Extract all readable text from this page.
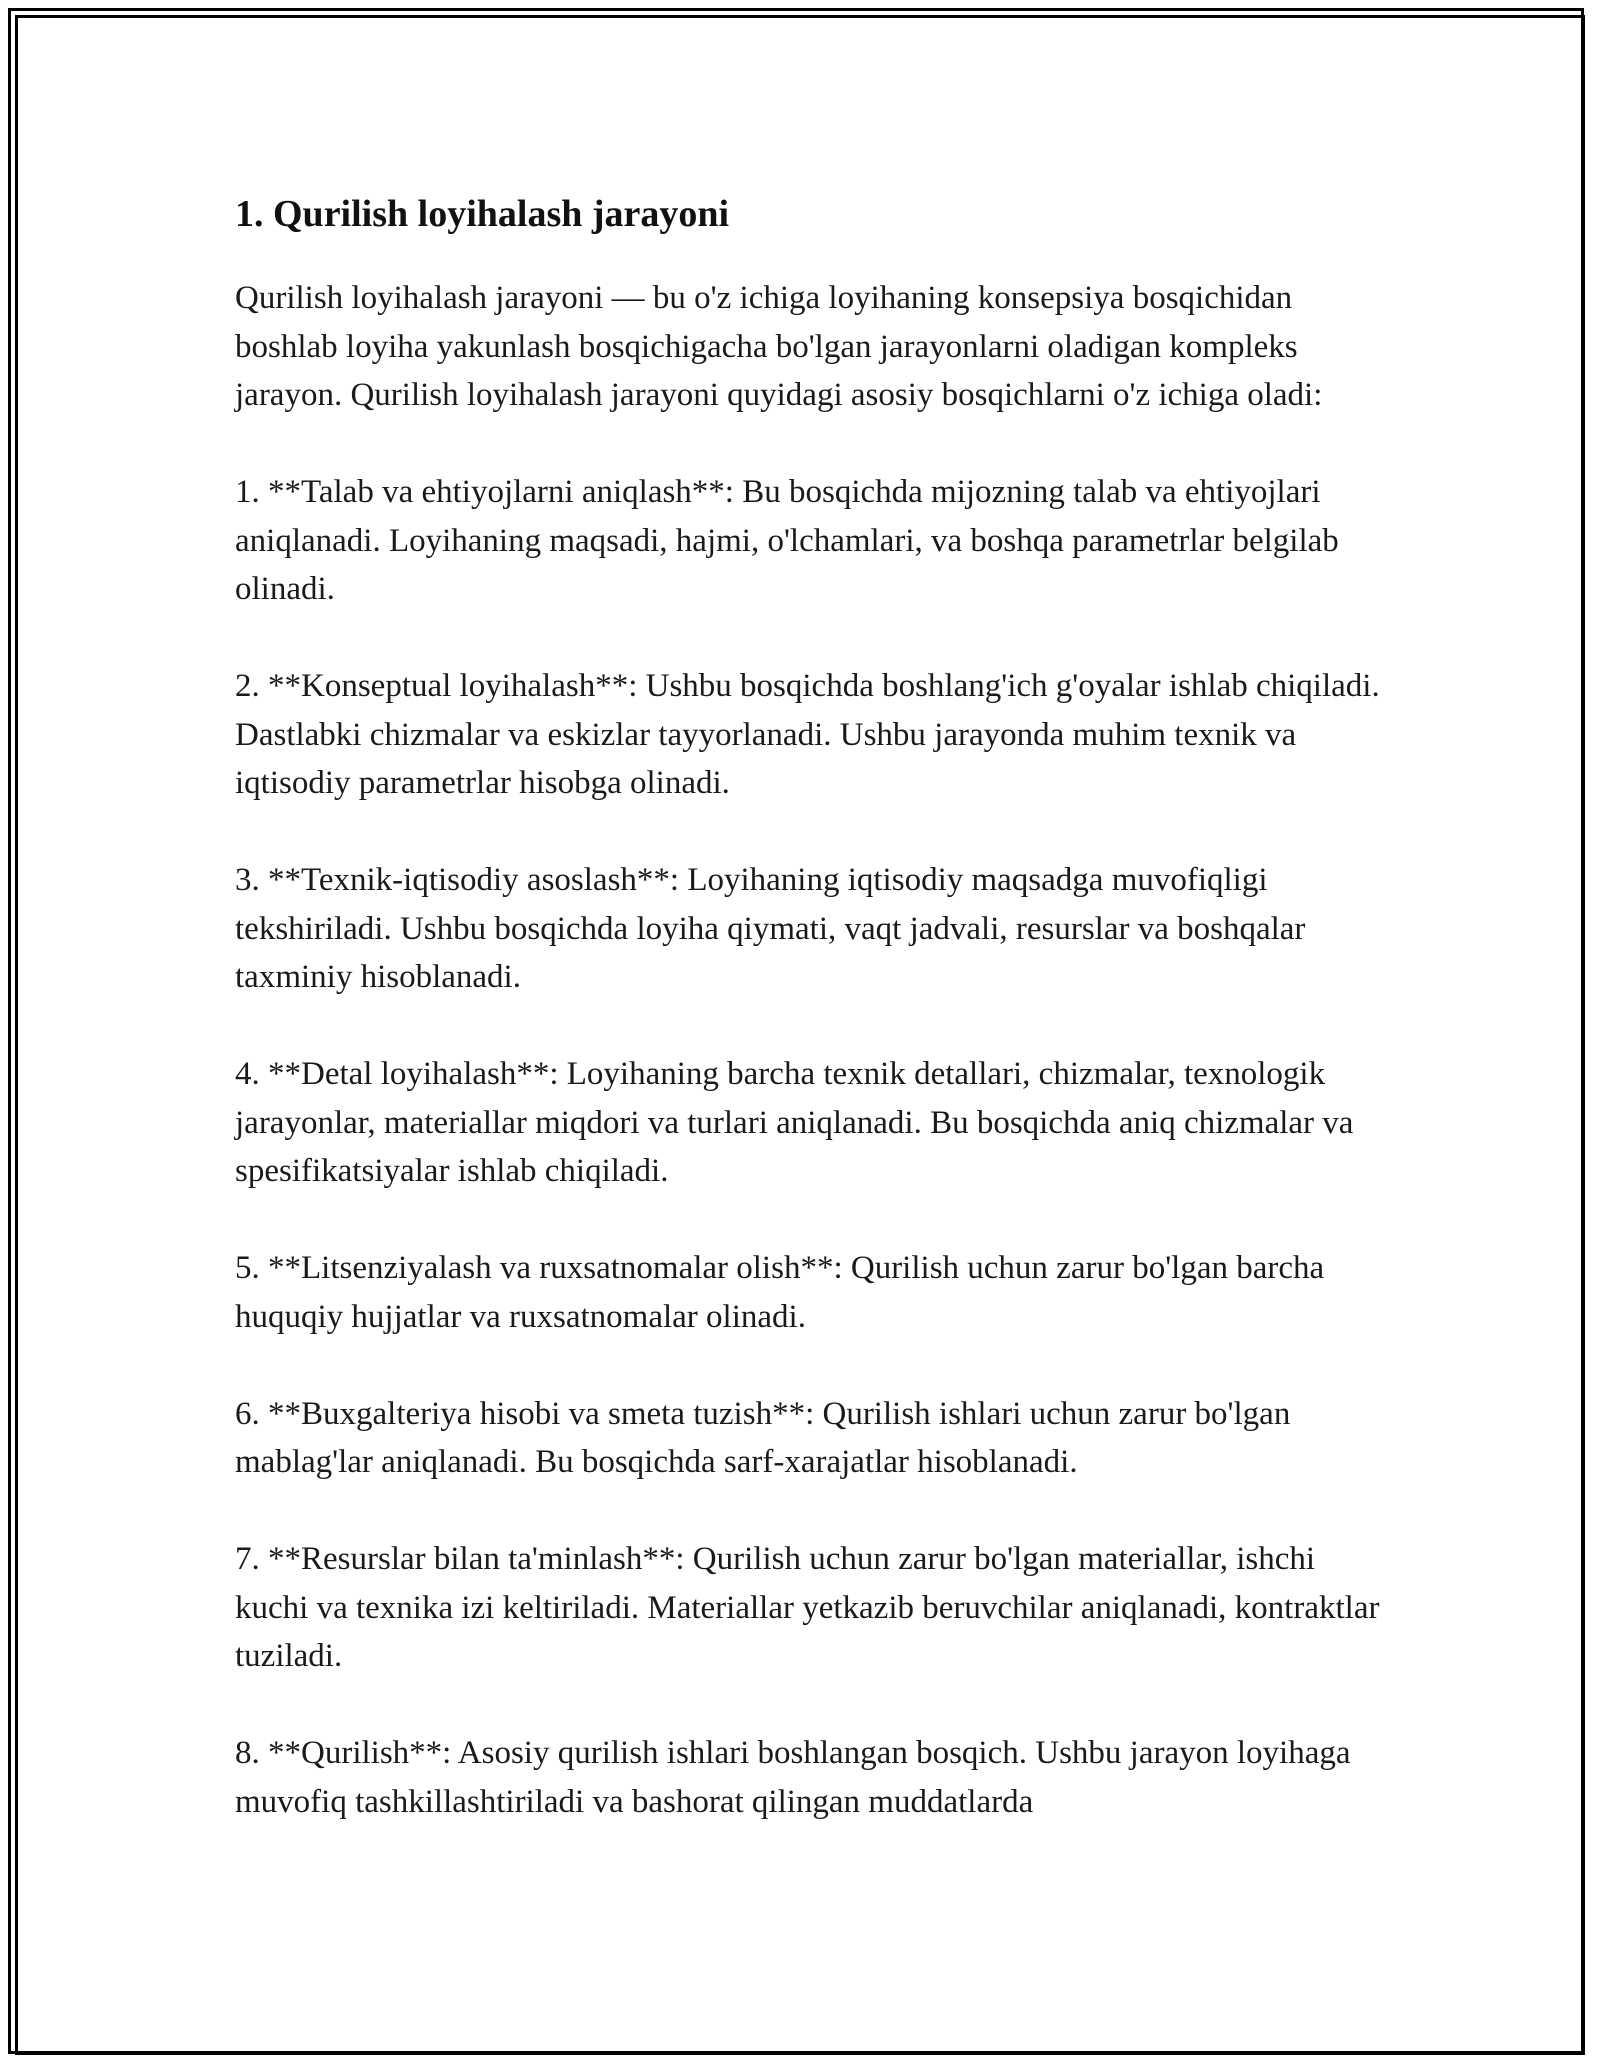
1. Qurilish loyihalash jarayoni

Qurilish loyihalash jarayoni — bu o'z ichiga loyihaning konsepsiya bosqichidan boshlab loyiha yakunlash bosqichigacha bo'lgan jarayonlarni oladigan kompleks jarayon. Qurilish loyihalash jarayoni quyidagi asosiy bosqichlarni o'z ichiga oladi:

1. **Talab va ehtiyojlarni aniqlash**: Bu bosqichda mijozning talab va ehtiyojlari aniqlanadi. Loyihaning maqsadi, hajmi, o'lchamlari, va boshqa parametrlar belgilab olinadi.

2. **Konseptual loyihalash**: Ushbu bosqichda boshlang'ich g'oyalar ishlab chiqiladi. Dastlabki chizmalar va eskizlar tayyorlanadi. Ushbu jarayonda muhim texnik va iqtisodiy parametrlar hisobga olinadi.

3. **Texnik-iqtisodiy asoslash**: Loyihaning iqtisodiy maqsadga muvofiqligi tekshiriladi. Ushbu bosqichda loyiha qiymati, vaqt jadvali, resurslar va boshqalar taxminiy hisoblanadi.

4. **Detal loyihalash**: Loyihaning barcha texnik detallari, chizmalar, texnologik jarayonlar, materiallar miqdori va turlari aniqlanadi. Bu bosqichda aniq chizmalar va spesifikatsiyalar ishlab chiqiladi.

5. **Litsenziyalash va ruxsatnomalar olish**: Qurilish uchun zarur bo'lgan barcha huquqiy hujjatlar va ruxsatnomalar olinadi.

6. **Buxgalteriya hisobi va smeta tuzish**: Qurilish ishlari uchun zarur bo'lgan mablag'lar aniqlanadi. Bu bosqichda sarf-xarajatlar hisoblanadi.

7. **Resurslar bilan ta'minlash**: Qurilish uchun zarur bo'lgan materiallar, ishchi kuchi va texnika izi keltiriladi. Materiallar yetkazib beruvchilar aniqlanadi, kontraktlar tuziladi.

8. **Qurilish**: Asosiy qurilish ishlari boshlangan bosqich. Ushbu jarayon loyihaga muvofiq tashkillashtiriladi va bashorat qilingan muddatlarda
